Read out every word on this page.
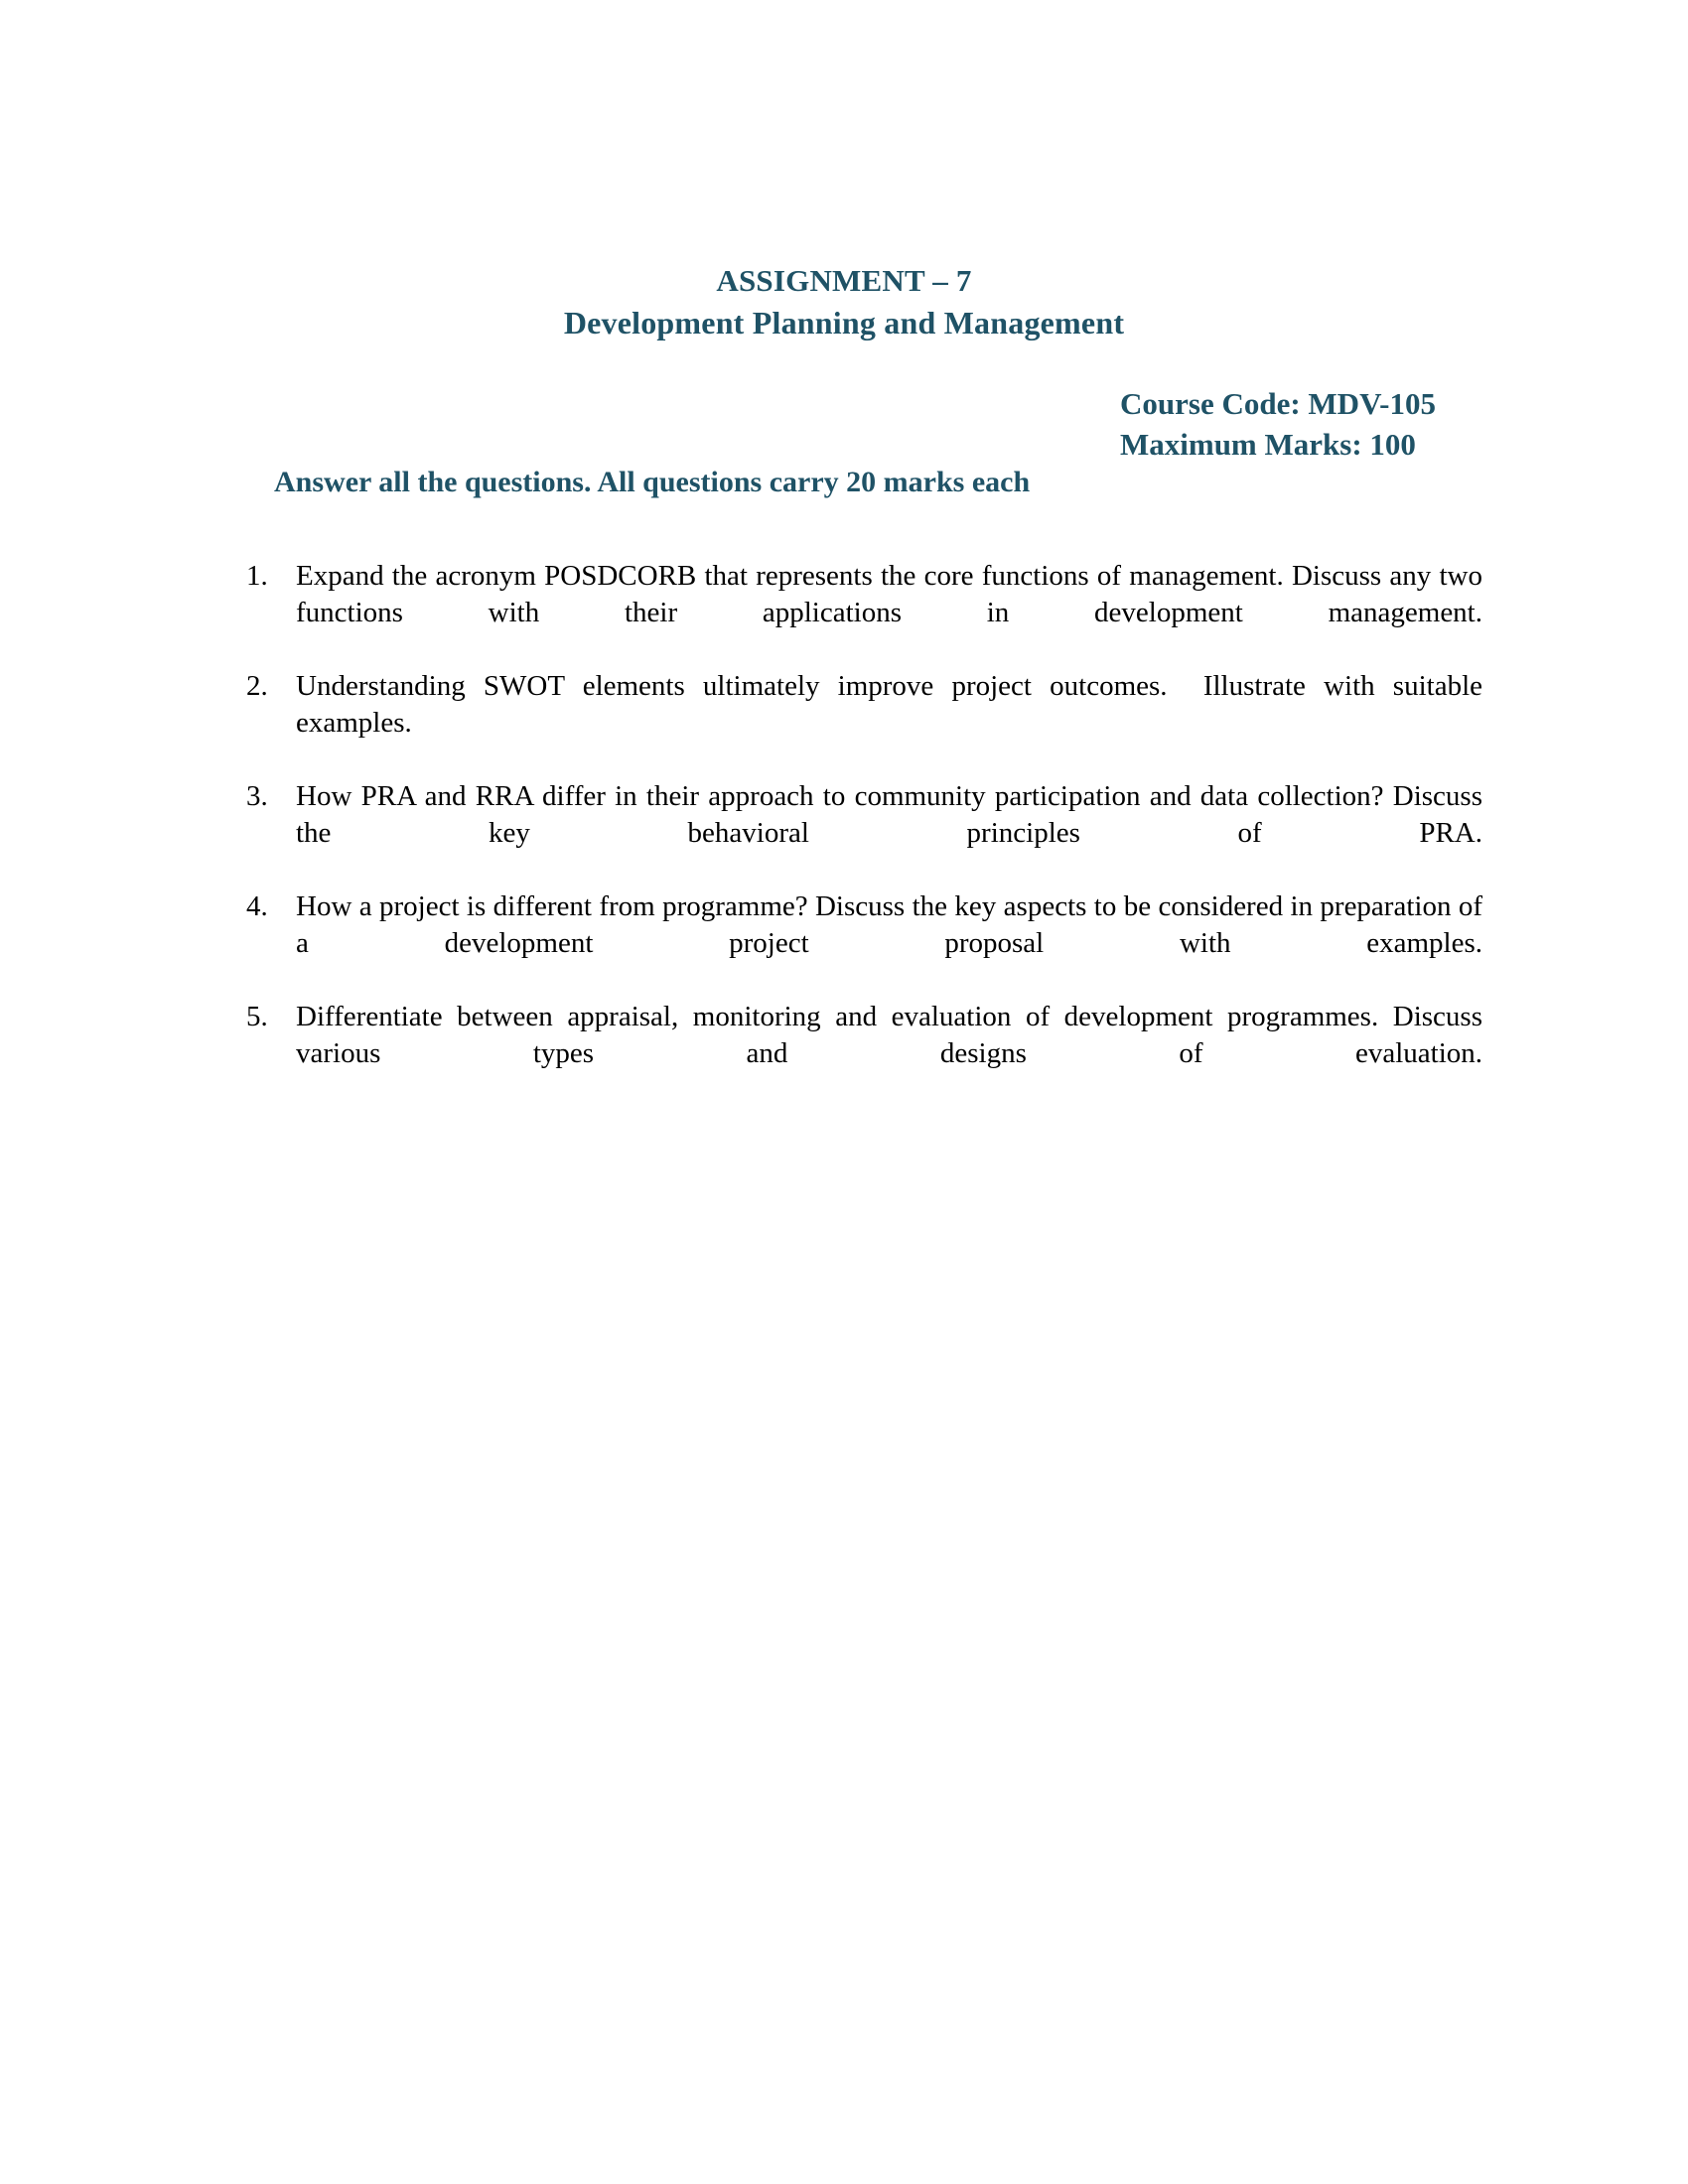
ASSIGNMENT – 7
Development Planning and Management
Course Code: MDV-105
Maximum Marks: 100
Answer all the questions. All questions carry 20 marks each
1. Expand the acronym POSDCORB that represents the core functions of management. Discuss any two functions with their applications in development management.
2. Understanding SWOT elements ultimately improve project outcomes.  Illustrate with suitable examples.
3. How PRA and RRA differ in their approach to community participation and data collection? Discuss the key behavioral principles of PRA.
4. How a project is different from programme? Discuss the key aspects to be considered in preparation of a development project proposal with examples.
5. Differentiate between appraisal, monitoring and evaluation of development programmes. Discuss various types and designs of evaluation.
